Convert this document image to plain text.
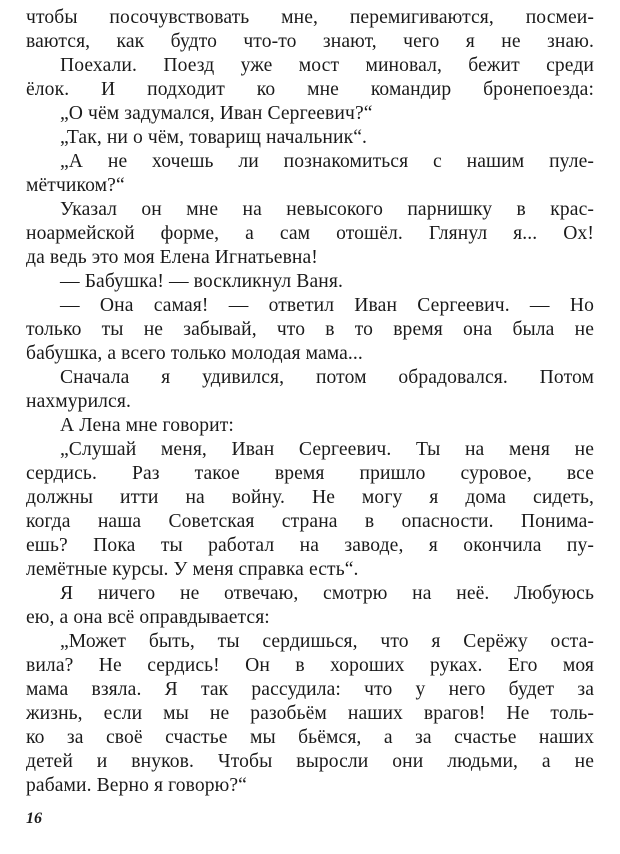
чтобы посочувствовать мне, перемигиваются, посмеи-
ваются, как будто что-то знают, чего я не знаю.
Поехали. Поезд уже мост миновал, бежит среди
ёлок. И подходит ко мне командир бронепоезда:
„О чём задумался, Иван Сергеевич?“
„Так, ни о чём, товарищ начальник“.
„А не хочешь ли познакомиться с нашим пуле-
мётчиком?“
Указал он мне на невысокого парнишку в крас-
ноармейской форме, а сам отошёл. Глянул я... Ох!
да ведь это моя Елена Игнатьевна!
— Бабушка! — воскликнул Ваня.
— Она самая! — ответил Иван Сергеевич. — Но
только ты не забывай, что в то время она была не
бабушка, а всего только молодая мама...
Сначала я удивился, потом обрадовался. Потом
нахмурился.
А Лена мне говорит:
„Слушай меня, Иван Сергеевич. Ты на меня не
сердись. Раз такое время пришло суровое, все
должны итти на войну. Не могу я дома сидеть,
когда наша Советская страна в опасности. Понима-
ешь? Пока ты работал на заводе, я окончила пу-
лемётные курсы. У меня справка есть“.
Я ничего не отвечаю, смотрю на неё. Любуюсь
ею, а она всё оправдывается:
„Может быть, ты сердишься, что я Серёжу оста-
вила? Не сердись! Он в хороших руках. Его моя
мама взяла. Я так рассудила: что у него будет за
жизнь, если мы не разобьём наших врагов! Не толь-
ко за своё счастье мы бьёмся, а за счастье наших
детей и внуков. Чтобы выросли они людьми, а не
рабами. Верно я говорю?“
16
